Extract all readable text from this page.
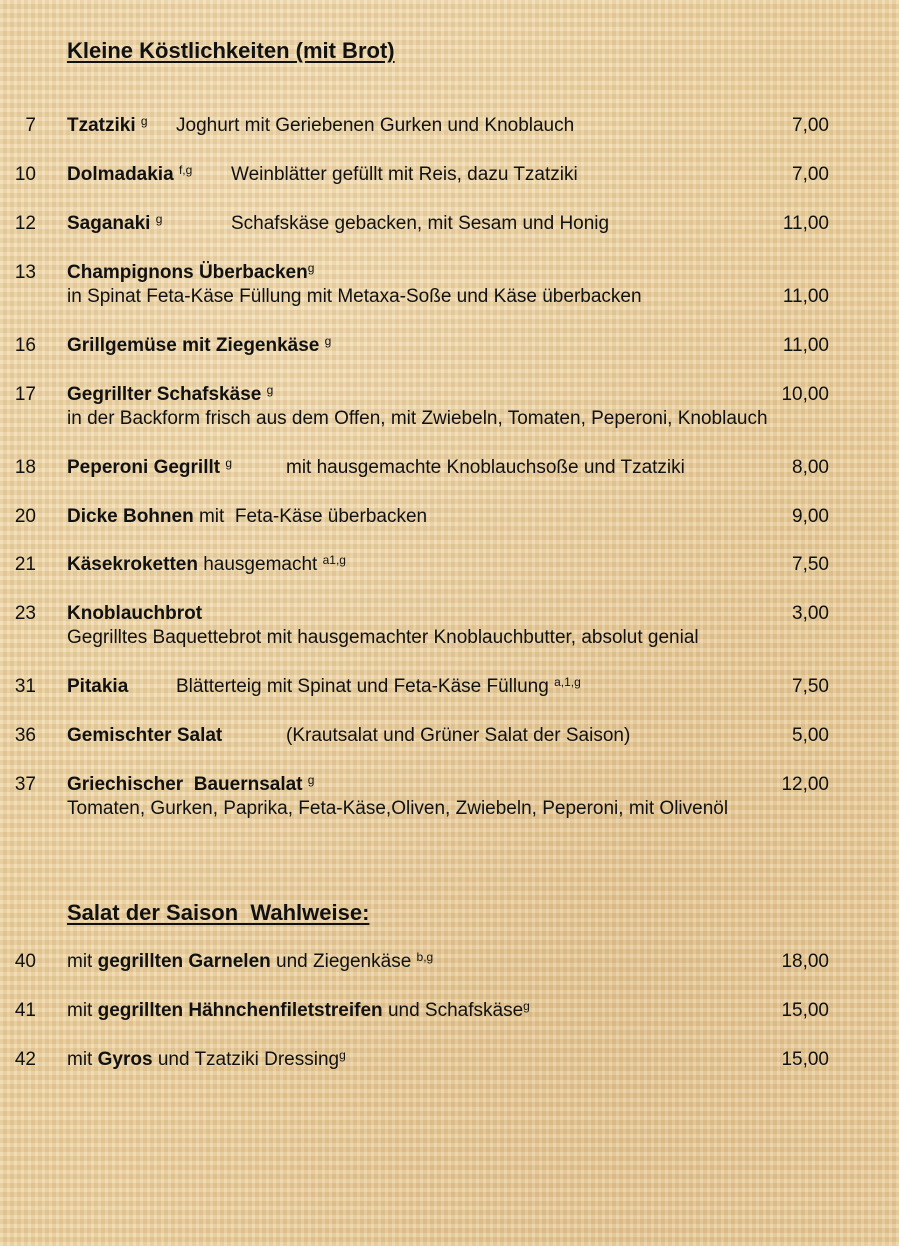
Kleine Köstlichkeiten (mit Brot)
7 Tzatziki $^g$ Joghurt mit Geriebenen Gurken und Knoblauch	7,00
10 Dolmadakia $^{f,g}$ Weinblätter gefüllt mit Reis, dazu Tzatziki	7,00
12 Saganaki $^g$	Schafskäse gebacken, mit Sesam und Honig	11,00
13 Champignons Überbacken$^g$
in Spinat Feta-Käse Füllung mit Metaxa-Soße und Käse überbacken	11,00
16 Grillgemüse mit Ziegenkäse $^g$	11,00
17 Gegrillter Schafskäse $^g$	10,00
in der Backform frisch aus dem Offen, mit Zwiebeln, Tomaten, Peperoni, Knoblauch
18 Peperoni Gegrillt $^g$	mit hausgemachte Knoblauchsoße und Tzatziki	8,00
20 Dicke Bohnen mit  Feta-Käse überbacken	9,00
21 Käsekroketten hausgemacht $^{a1,g}$	7,50
23 Knoblauchbrot	3,00
Gegrilltes Baquettebrot mit hausgemachter Knoblauchbutter, absolut genial
31 Pitakia	Blätterteig mit Spinat und Feta-Käse Füllung $^{a,1,g}$	7,50
36 Gemischter Salat	(Krautsalat und Grüner Salat der Saison)	5,00
37 Griechischer  Bauernsalat $^g$	12,00
Tomaten, Gurken, Paprika, Feta-Käse,Oliven, Zwiebeln, Peperoni, mit Olivenöl
Salat der Saison  Wahlweise:
40 mit gegrillten Garnelen und Ziegenkäse $^{b,g}$	18,00
41 mit gegrillten Hähnchenfiletstreifen und Schafskäse$^g$	15,00
42 mit Gyros und Tzatziki Dressing$^g$	15,00
